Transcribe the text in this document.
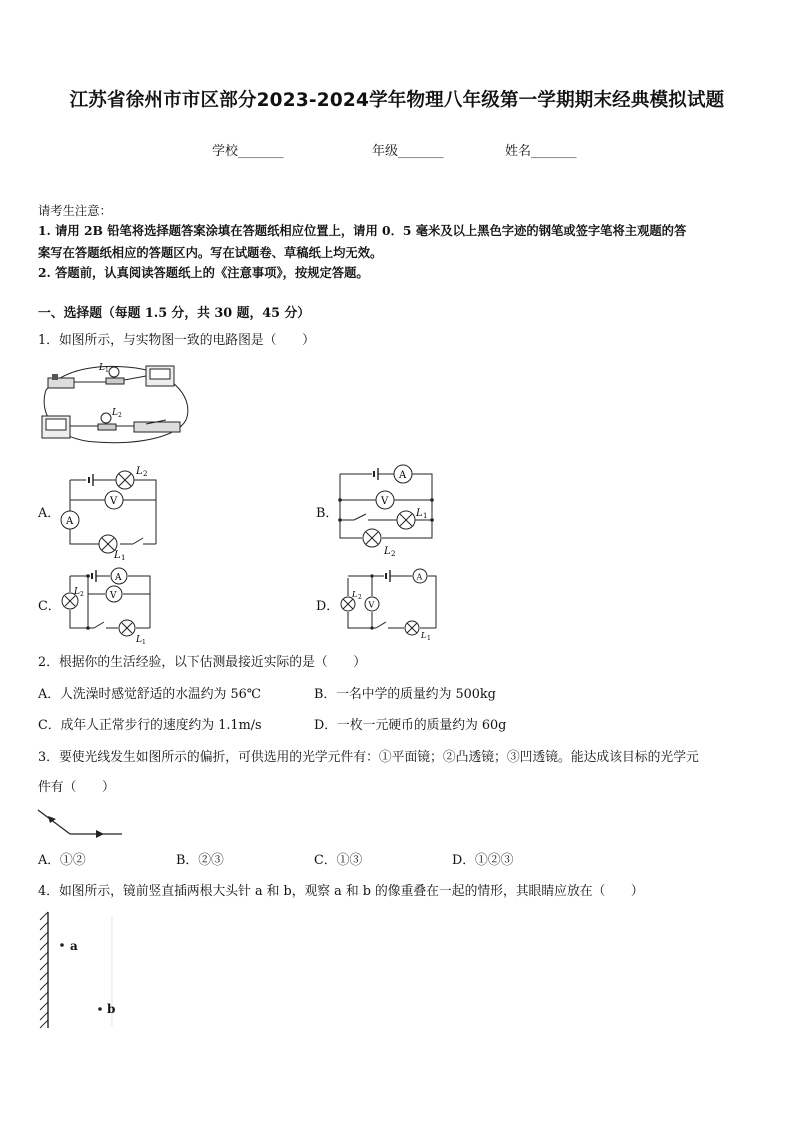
江苏省徐州市市区部分2023-2024学年物理八年级第一学期期末经典模拟试题
学校_______	年级_______	姓名_______
请考生注意：
1. 请用 2B 铅笔将选择题答案涂填在答题纸相应位置上，请用 0．5 毫米及以上黑色字迹的钢笔或签字笔将主观题的答
案写在答题纸相应的答题区内。写在试题卷、草稿纸上均无效。
2. 答题前，认真阅读答题纸上的《注意事项》，按规定答题。
一、选择题（每题 1.5 分，共 30 题，45 分）
1．如图所示，与实物图一致的电路图是（　　）
L 1
L 2
A．
V
A
L 2
L 1
B．
A
V
L 1
L 2
C．
A
V
L 2
L 1
D．
A
V
L 2
L 1
2．根据你的生活经验，以下估测最接近实际的是（　　）
A．人洗澡时感觉舒适的水温约为 56℃	B．一名中学的质量约为 500kg
C．成年人正常步行的速度约为 1.1m/s	D．一枚一元硬币的质量约为 60g
3．要使光线发生如图所示的偏折，可供选用的光学元件有：①平面镜；②凸透镜；③凹透镜。能达成该目标的光学元
件有（　　）
A．①②	B．②③	C．①③	D．①②③
4．如图所示，镜前竖直插两根大头针 a 和 b，观察 a 和 b 的像重叠在一起的情形，其眼睛应放在（　　）
a
b
